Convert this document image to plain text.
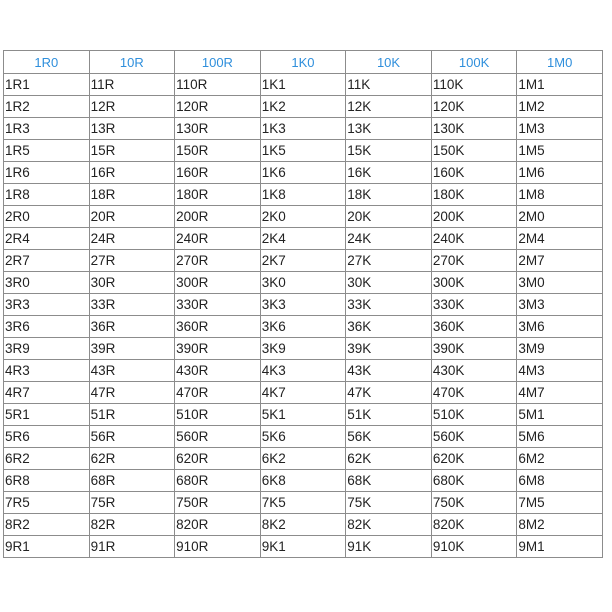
1R0	10R	100R	1K0	10K	100K	1M0
1R1	11R	110R	1K1	11K	110K	1M1
1R2	12R	120R	1K2	12K	120K	1M2
1R3	13R	130R	1K3	13K	130K	1M3
1R5	15R	150R	1K5	15K	150K	1M5
1R6	16R	160R	1K6	16K	160K	1M6
1R8	18R	180R	1K8	18K	180K	1M8
2R0	20R	200R	2K0	20K	200K	2M0
2R4	24R	240R	2K4	24K	240K	2M4
2R7	27R	270R	2K7	27K	270K	2M7
3R0	30R	300R	3K0	30K	300K	3M0
3R3	33R	330R	3K3	33K	330K	3M3
3R6	36R	360R	3K6	36K	360K	3M6
3R9	39R	390R	3K9	39K	390K	3M9
4R3	43R	430R	4K3	43K	430K	4M3
4R7	47R	470R	4K7	47K	470K	4M7
5R1	51R	510R	5K1	51K	510K	5M1
5R6	56R	560R	5K6	56K	560K	5M6
6R2	62R	620R	6K2	62K	620K	6M2
6R8	68R	680R	6K8	68K	680K	6M8
7R5	75R	750R	7K5	75K	750K	7M5
8R2	82R	820R	8K2	82K	820K	8M2
9R1	91R	910R	9K1	91K	910K	9M1
